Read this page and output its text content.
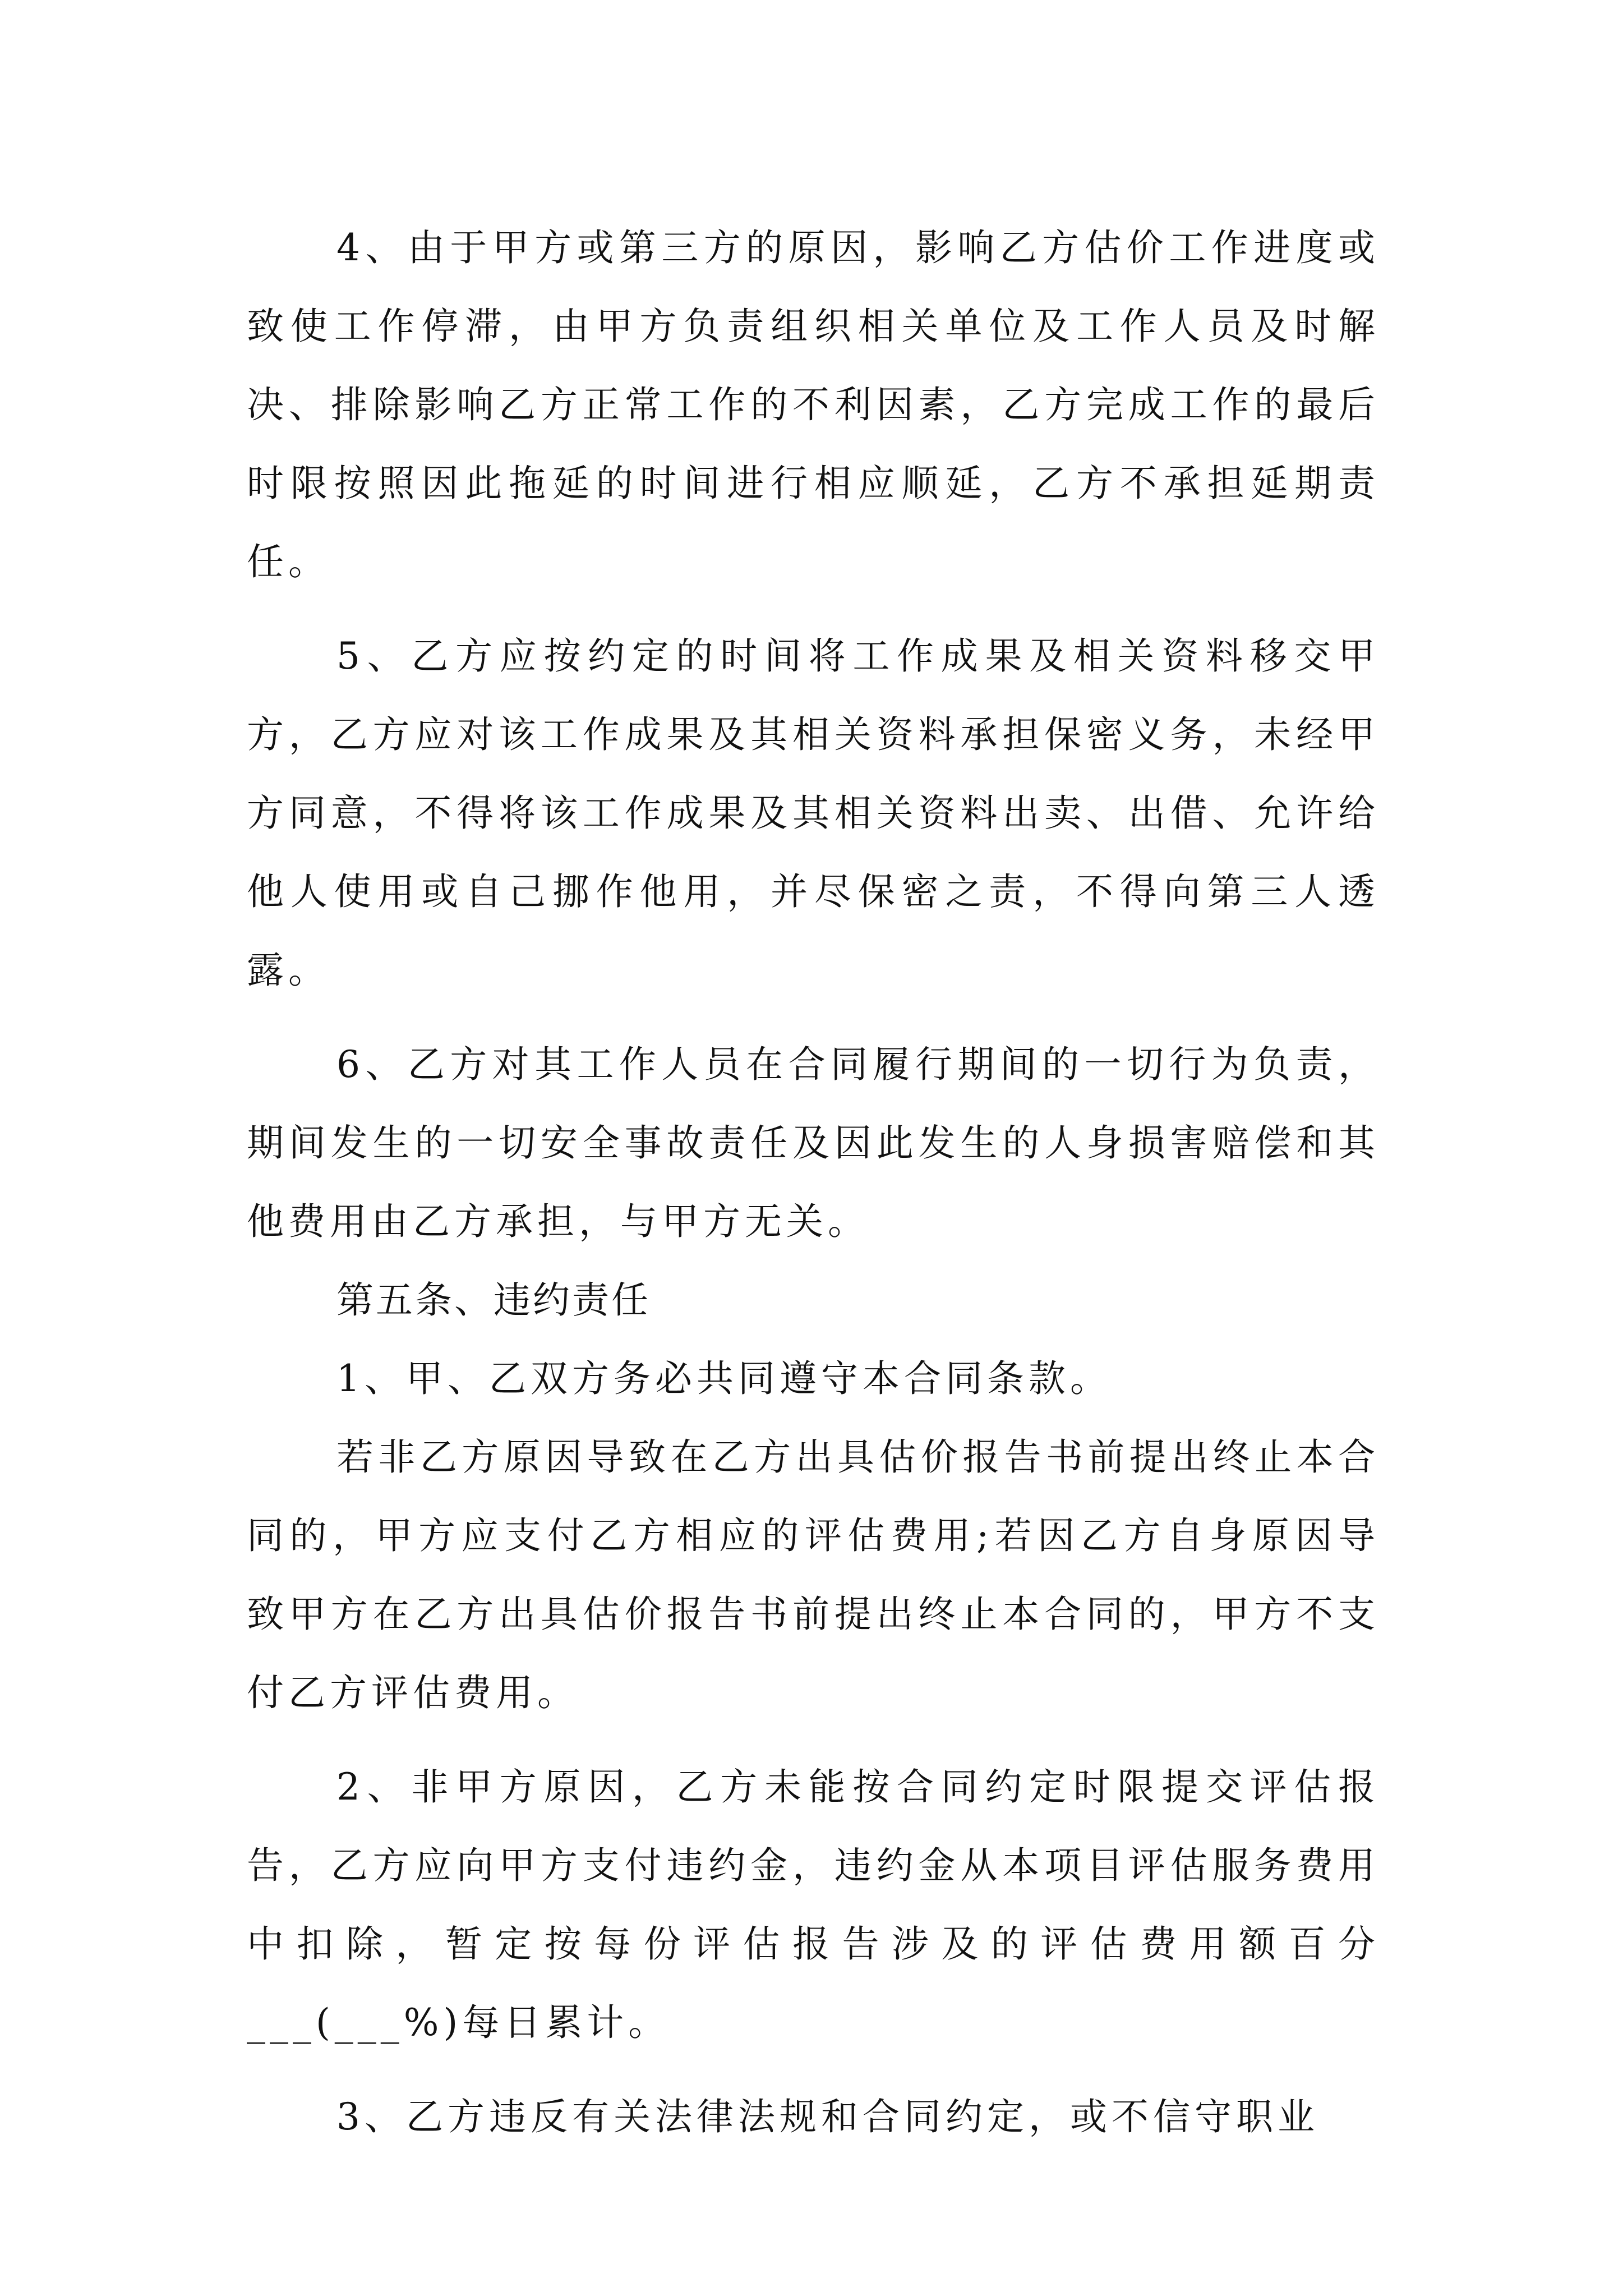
4、由于甲方或第三方的原因，影响乙方估价工作进度或致使工作停滞，由甲方负责组织相关单位及工作人员及时解决、排除影响乙方正常工作的不利因素，乙方完成工作的最后时限按照因此拖延的时间进行相应顺延，乙方不承担延期责任。

5、乙方应按约定的时间将工作成果及相关资料移交甲方，乙方应对该工作成果及其相关资料承担保密义务，未经甲方同意，不得将该工作成果及其相关资料出卖、出借、允许给他人使用或自己挪作他用，并尽保密之责，不得向第三人透露。

6、乙方对其工作人员在合同履行期间的一切行为负责，期间发生的一切安全事故责任及因此发生的人身损害赔偿和其他费用由乙方承担，与甲方无关。

第五条、违约责任

1、甲、乙双方务必共同遵守本合同条款。

若非乙方原因导致在乙方出具估价报告书前提出终止本合同的，甲方应支付乙方相应的评估费用;若因乙方自身原因导致甲方在乙方出具估价报告书前提出终止本合同的，甲方不支付乙方评估费用。

2、非甲方原因，乙方未能按合同约定时限提交评估报告，乙方应向甲方支付违约金，违约金从本项目评估服务费用中扣除，暂定按每份评估报告涉及的评估费用额百分___(___%)每日累计。

3、乙方违反有关法律法规和合同约定，或不信守职业
